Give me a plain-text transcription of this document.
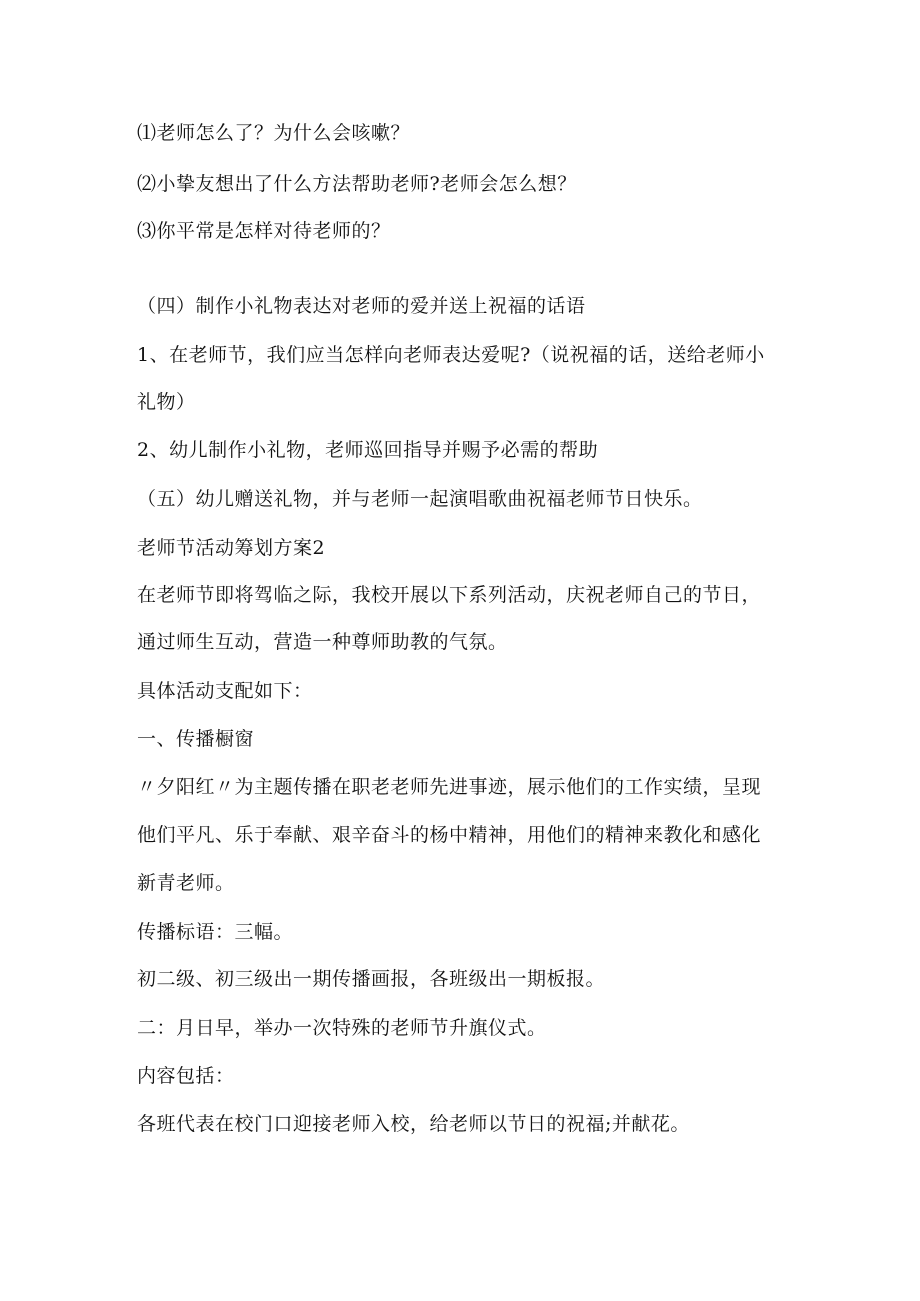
⑴老师怎么了？为什么会咳嗽？
⑵小挚友想出了什么方法帮助老师?老师会怎么想？
⑶你平常是怎样对待老师的？
（四）制作小礼物表达对老师的爱并送上祝福的话语
1、在老师节，我们应当怎样向老师表达爱呢?（说祝福的话，送给老师小
礼物）
2、幼儿制作小礼物，老师巡回指导并赐予必需的帮助
（五）幼儿赠送礼物，并与老师一起演唱歌曲祝福老师节日快乐。
老师节活动筹划方案2
在老师节即将驾临之际，我校开展以下系列活动，庆祝老师自己的节日，
通过师生互动，营造一种尊师助教的气氛。
具体活动支配如下：
一、传播橱窗
〃夕阳红〃为主题传播在职老老师先进事迹，展示他们的工作实绩，呈现
他们平凡、乐于奉献、艰辛奋斗的杨中精神，用他们的精神来教化和感化
新青老师。
传播标语：三幅。
初二级、初三级出一期传播画报，各班级出一期板报。
二：月日早，举办一次特殊的老师节升旗仪式。
内容包括：
各班代表在校门口迎接老师入校，给老师以节日的祝福;并献花。
